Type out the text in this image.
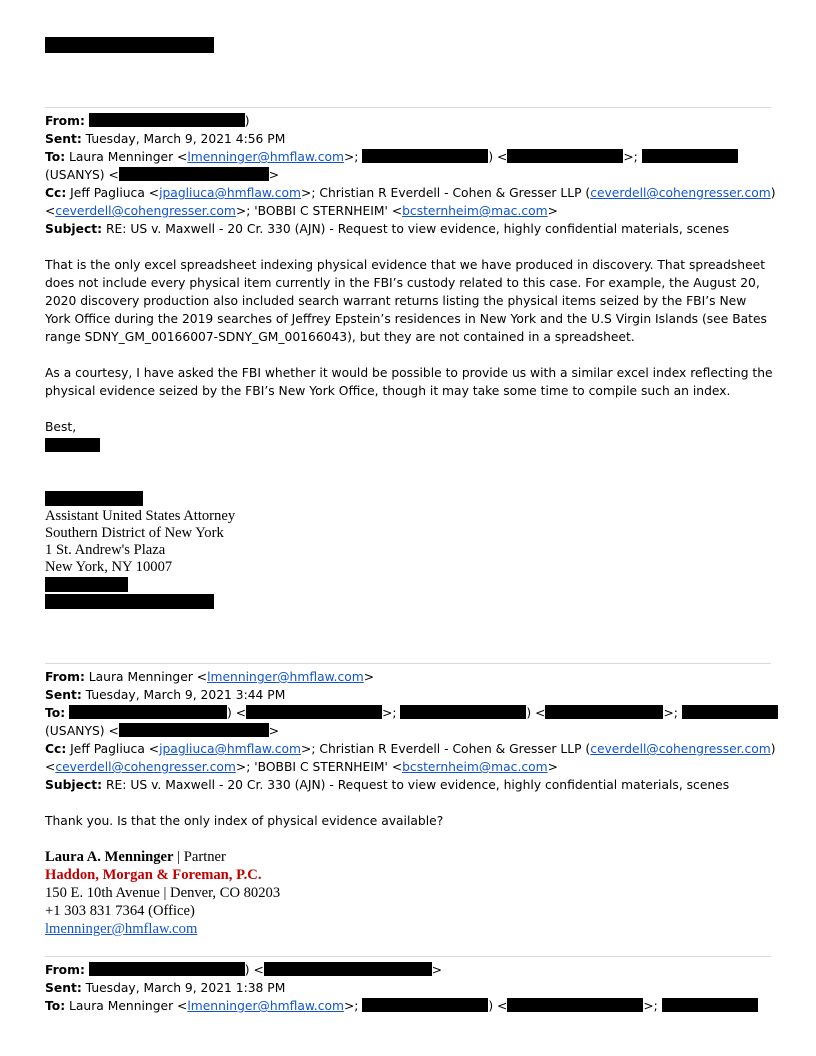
From:	)
Sent: Tuesday, March 9, 2021 4:56 PM
To: Laura Menninger <lmenninger@hmflaw.com>;	) <	>;
(USANYS) <	>
Cc: Jeff Pagliuca <jpagliuca@hmflaw.com>; Christian R Everdell - Cohen & Gresser LLP (ceverdell@cohengresser.com)
<ceverdell@cohengresser.com>; 'BOBBI C STERNHEIM' <bcsternheim@mac.com>
Subject: RE: US v. Maxwell - 20 Cr. 330 (AJN) - Request to view evidence, highly confidential materials, scenes
That is the only excel spreadsheet indexing physical evidence that we have produced in discovery. That spreadsheet does not include every physical item currently in the FBI’s custody related to this case. For example, the August 20, 2020 discovery production also included search warrant returns listing the physical items seized by the FBI’s New York Office during the 2019 searches of Jeffrey Epstein’s residences in New York and the U.S Virgin Islands (see Bates range SDNY_GM_00166007-SDNY_GM_00166043), but they are not contained in a spreadsheet.
As a courtesy, I have asked the FBI whether it would be possible to provide us with a similar excel index reflecting the physical evidence seized by the FBI’s New York Office, though it may take some time to compile such an index.
Best,
Assistant United States Attorney
Southern District of New York
1 St. Andrew's Plaza
New York, NY 10007
From: Laura Menninger <lmenninger@hmflaw.com>
Sent: Tuesday, March 9, 2021 3:44 PM
To:	) <	>;	) <	>;
(USANYS) <	>
Cc: Jeff Pagliuca <jpagliuca@hmflaw.com>; Christian R Everdell - Cohen & Gresser LLP (ceverdell@cohengresser.com)
<ceverdell@cohengresser.com>; 'BOBBI C STERNHEIM' <bcsternheim@mac.com>
Subject: RE: US v. Maxwell - 20 Cr. 330 (AJN) - Request to view evidence, highly confidential materials, scenes
Thank you. Is that the only index of physical evidence available?
Laura A. Menninger | Partner
Haddon, Morgan & Foreman, P.C.
150 E. 10th Avenue | Denver, CO 80203
+1 303 831 7364 (Office)
lmenninger@hmflaw.com
From:	) <	>
Sent: Tuesday, March 9, 2021 1:38 PM
To: Laura Menninger <lmenninger@hmflaw.com>;	) <	>;
